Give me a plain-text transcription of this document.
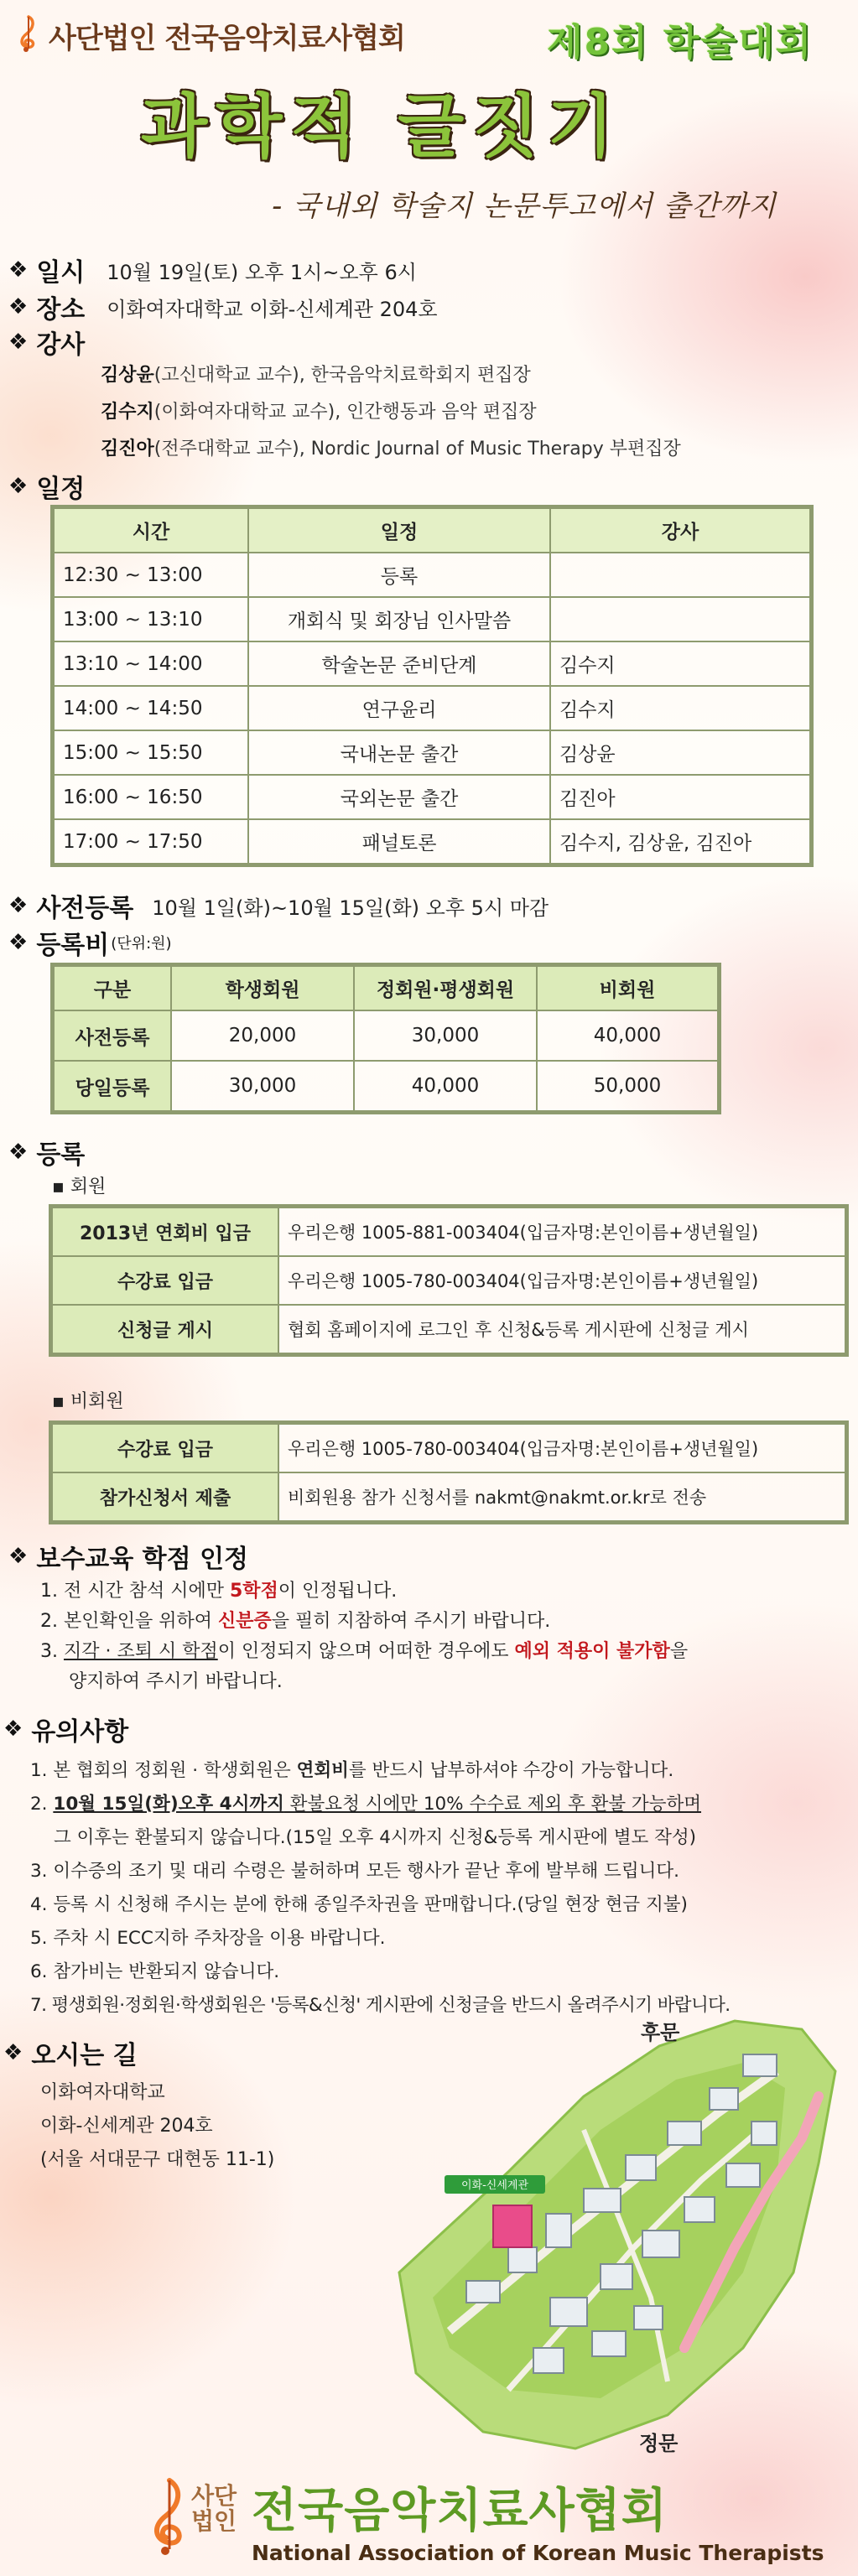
사단법인 전국음악치료사협회	제8회 학술대회
과학적 글짓기
- 국내외 학술지 논문투고에서 출간까지
❖ 일시 10월 19일(토) 오후 1시~오후 6시
❖ 장소 이화여자대학교 이화-신세계관 204호
❖ 강사
김상윤(고신대학교 교수), 한국음악치료학회지 편집장
김수지(이화여자대학교 교수), 인간행동과 음악 편집장
김진아(전주대학교 교수), Nordic Journal of Music Therapy 부편집장
❖ 일정
시간	일정	강사
12:30 ~ 13:00	등록	
13:00 ~ 13:10	개회식 및 회장님 인사말씀	
13:10 ~ 14:00	학술논문 준비단계	김수지
14:00 ~ 14:50	연구윤리	김수지
15:00 ~ 15:50	국내논문 출간	김상윤
16:00 ~ 16:50	국외논문 출간	김진아
17:00 ~ 17:50	패널토론	김수지, 김상윤, 김진아
❖ 사전등록 10월 1일(화)~10월 15일(화) 오후 5시 마감
❖ 등록비 (단위:원)
구분	학생회원	정회원·평생회원	비회원
사전등록	20,000	30,000	40,000
당일등록	30,000	40,000	50,000
❖ 등록
▪ 회원
2013년 연회비 입금	우리은행 1005-881-003404(입금자명:본인이름+생년월일)
수강료 입금	우리은행 1005-780-003404(입금자명:본인이름+생년월일)
신청글 게시	협회 홈페이지에 로그인 후 신청&등록 게시판에 신청글 게시
▪ 비회원
수강료 입금	우리은행 1005-780-003404(입금자명:본인이름+생년월일)
참가신청서 제출	비회원용 참가 신청서를 nakmt@nakmt.or.kr로 전송
❖ 보수교육 학점 인정
1. 전 시간 참석 시에만 5학점이 인정됩니다.
2. 본인확인을 위하여 신분증을 필히 지참하여 주시기 바랍니다.
3. 지각 · 조퇴 시 학점이 인정되지 않으며 어떠한 경우에도 예외 적용이 불가함을
양지하여 주시기 바랍니다.
❖ 유의사항
1. 본 협회의 정회원 · 학생회원은 연회비를 반드시 납부하셔야 수강이 가능합니다.
2. 10월 15일(화)오후 4시까지 환불요청 시에만 10% 수수료 제외 후 환불 가능하며
그 이후는 환불되지 않습니다.(15일 오후 4시까지 신청&등록 게시판에 별도 작성)
3. 이수증의 조기 및 대리 수령은 불허하며 모든 행사가 끝난 후에 발부해 드립니다.
4. 등록 시 신청해 주시는 분에 한해 종일주차권을 판매합니다.(당일 현장 현금 지불)
5. 주차 시 ECC지하 주차장을 이용 바랍니다.
6. 참가비는 반환되지 않습니다.
7. 평생회원·정회원·학생회원은 '등록&신청' 게시판에 신청글을 반드시 올려주시기 바랍니다.
❖ 오시는 길
이화여자대학교
이화-신세계관 204호
(서울 서대문구 대현동 11-1)
이화-신세계관
후문
정문
사단
법인 전국음악치료사협회
National Association of Korean Music Therapists
